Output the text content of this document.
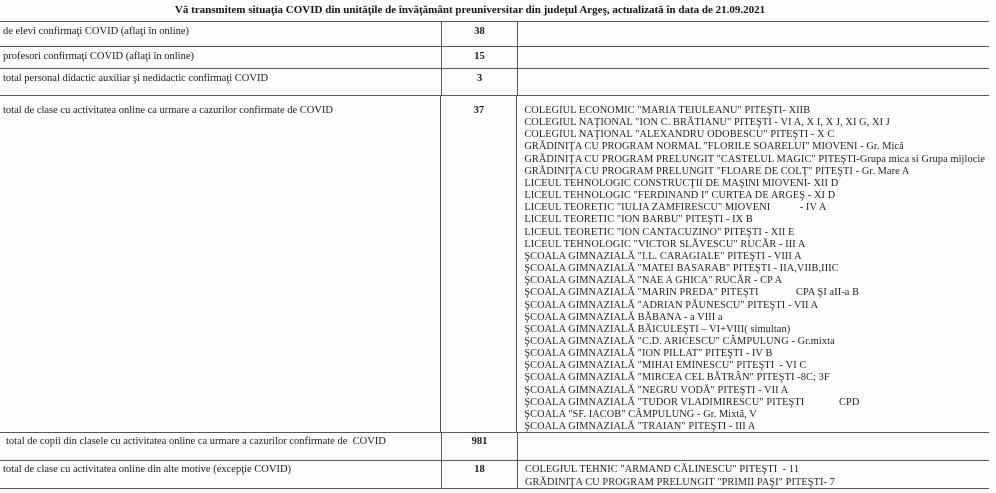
Vă transmitem situaţia COVID din unităţile de învăţământ preuniversitar din judeţul Argeş, actualizată în data de 21.09.2021
de elevi confirmaţi COVID (aflaţi în online)	38
profesori confirmaţi COVID (aflaţi în online)	15
total personal didactic auxiliar şi nedidactic confirmaţi COVID	3
total de clase cu activitatea online ca urmare a cazurilor confirmate de COVID	37	COLEGIUL ECONOMIC "MARIA TEIULEANU" PITEŞTI- XIIB
COLEGIUL NAŢIONAL "ION C. BRĂTIANU" PITEŞTI - VI A, X I, X J, XI G, XI J
COLEGIUL NAŢIONAL "ALEXANDRU ODOBESCU" PITEŞTI - X C
GRĂDINIŢA CU PROGRAM NORMAL "FLORILE SOARELUI" MIOVENI - Gr. Mică
GRĂDINIŢA CU PROGRAM PRELUNGIT "CASTELUL MAGIC" PITEŞTI-Grupa mica si Grupa mijlocie
GRĂDINIŢA CU PROGRAM PRELUNGIT "FLOARE DE COLŢ" PITEŞTI - Gr. Mare A
LICEUL TEHNOLOGIC CONSTRUCŢII DE MAŞINI MIOVENI- XII D
LICEUL TEHNOLOGIC "FERDINAND I" CURTEA DE ARGEŞ - XI D
LICEUL TEORETIC "IULIA ZAMFIRESCU" MIOVENI           - IV A
LICEUL TEORETIC "ION BARBU" PITEŞTI - IX B
LICEUL TEORETIC "ION CANTACUZINO" PITEŞTI - XII E
LICEUL TEHNOLOGIC "VICTOR SLĂVESCU" RUCĂR - III A
ŞCOALA GIMNAZIALĂ "I.L. CARAGIALE" PITEŞTI - VIII A
ŞCOALA GIMNAZIALĂ "MATEI BASARAB" PITEŞTI - IIA,VIIB,IIIC
ŞCOALA GIMNAZIALĂ "NAE A GHICA" RUCĂR - CP A
ŞCOALA GIMNAZIALĂ "MARIN PREDA" PITEŞTI              CPA ŞI aII-a B
ŞCOALA GIMNAZIALĂ "ADRIAN PĂUNESCU" PITEŞTI - VII A
ŞCOALA GIMNAZIALĂ BĂBANA - a VIII a
ŞCOALA GIMNAZIALĂ BĂICULEŞTI – VI+VIII( simultan)
ŞCOALA GIMNAZIALĂ "C.D. ARICESCU" CÂMPULUNG - Gr.mixta
ŞCOALA GIMNAZIALĂ "ION PILLAT" PITEŞTI - IV B
ŞCOALA GIMNAZIALĂ "MIHAI EMINESCU" PITEŞTI  - VI C
ŞCOALA GIMNAZIALĂ "MIRCEA CEL BĂTRÂN" PITEŞTI -8C; 3F
ŞCOALA GIMNAZIALĂ "NEGRU VODĂ" PITEŞTI - VII A
ŞCOALA GIMNAZIALĂ "TUDOR VLADIMIRESCU" PITEŞTI             CPD
ŞCOALA "SF. IACOB" CÂMPULUNG - Gr. Mixtă, V
ŞCOALA GIMNAZIALĂ "TRAIAN" PITEŞTI - III A
total de copii din clasele cu activitatea online ca urmare a cazurilor confirmate de  COVID	981
total de clase cu activitatea online din alte motive (excepţie COVID)	18	COLEGIUL TEHNIC "ARMAND CĂLINESCU" PITEŞTI  - 11
GRĂDINIŢA CU PROGRAM PRELUNGIT "PRIMII PAŞI" PITEŞTI- 7
